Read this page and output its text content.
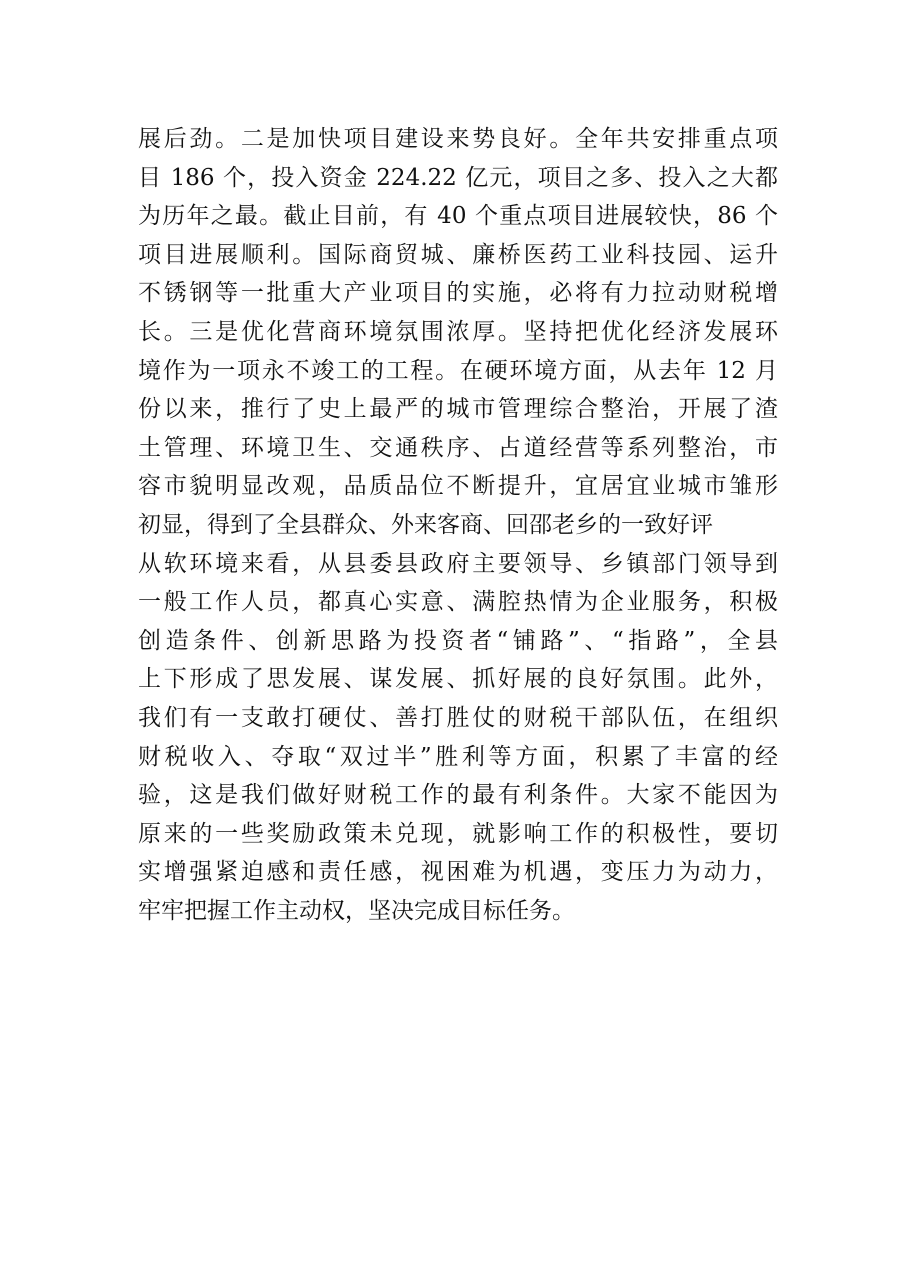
展后劲。二是加快项目建设来势良好。全年共安排重点项
目 186 个，投入资金 224.22 亿元，项目之多、投入之大都
为历年之最。截止目前，有 40 个重点项目进展较快，86 个
项目进展顺利。国际商贸城、廉桥医药工业科技园、运升
不锈钢等一批重大产业项目的实施，必将有力拉动财税增
长。三是优化营商环境氛围浓厚。坚持把优化经济发展环
境作为一项永不竣工的工程。在硬环境方面，从去年 12 月
份以来，推行了史上最严的城市管理综合整治，开展了渣
土管理、环境卫生、交通秩序、占道经营等系列整治，市
容市貌明显改观，品质品位不断提升，宜居宜业城市雏形
初显，得到了全县群众、外来客商、回邵老乡的一致好评
从软环境来看，从县委县政府主要领导、乡镇部门领导到
一般工作人员，都真心实意、满腔热情为企业服务，积极
创造条件、创新思路为投资者“铺路”、“指路”，全县
上下形成了思发展、谋发展、抓好展的良好氛围。此外，
我们有一支敢打硬仗、善打胜仗的财税干部队伍，在组织
财税收入、夺取“双过半”胜利等方面，积累了丰富的经
验，这是我们做好财税工作的最有利条件。大家不能因为
原来的一些奖励政策未兑现，就影响工作的积极性，要切
实增强紧迫感和责任感，视困难为机遇，变压力为动力，
牢牢把握工作主动权，坚决完成目标任务。
